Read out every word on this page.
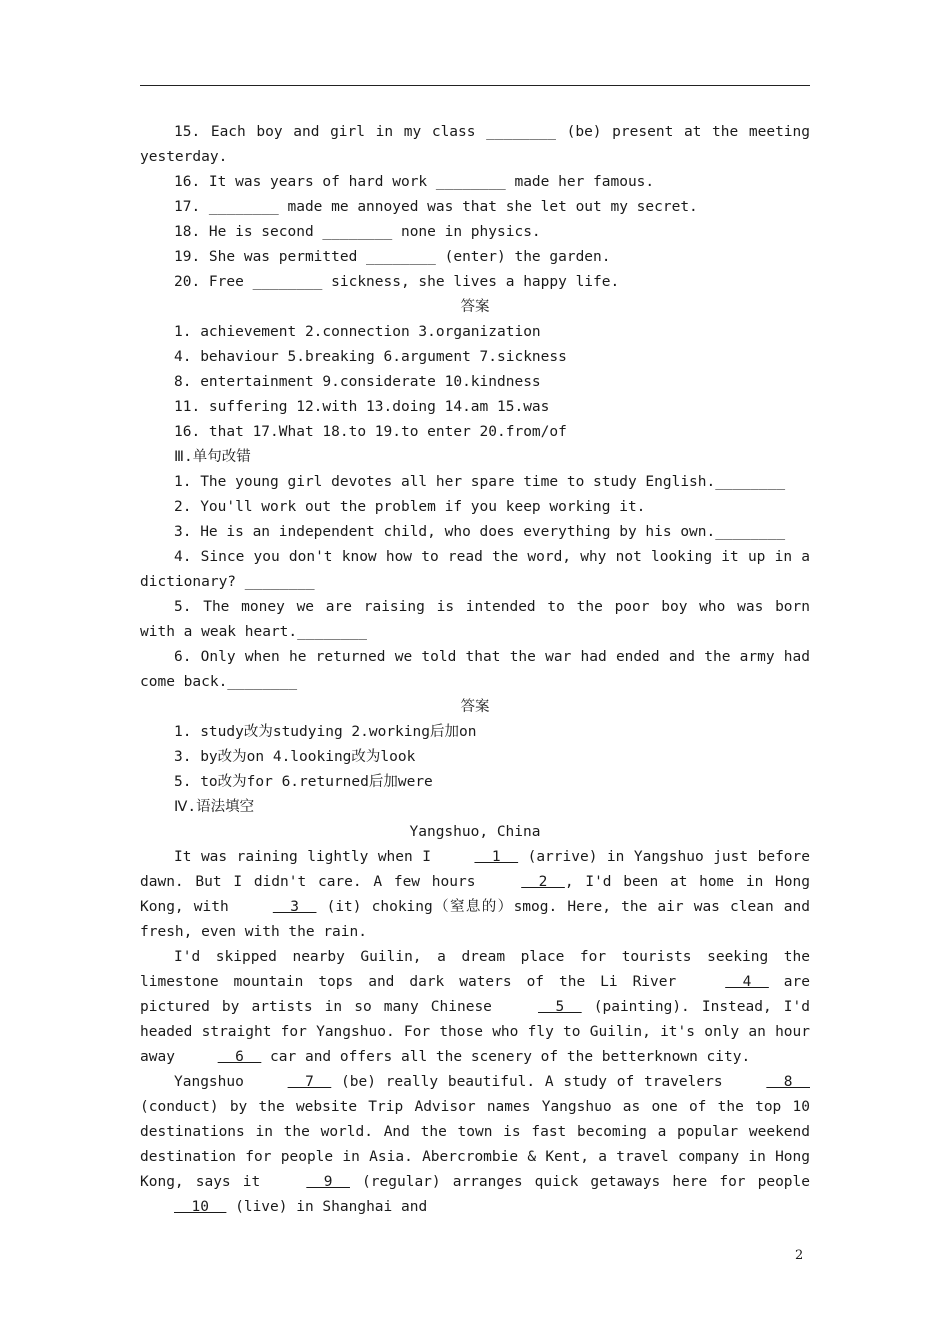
15. Each boy and girl in my class ________ (be) present at the meeting yesterday.

16. It was years of hard work ________ made her famous.

17. ________ made me annoyed was that she let out my secret.

18. He is second ________ none in physics.

19. She was permitted ________ (enter) the garden.

20. Free ________ sickness, she lives a happy life.

答案

1. achievement 2.connection 3.organization

4. behaviour 5.breaking 6.argument 7.sickness

8. entertainment 9.considerate 10.kindness

11. suffering 12.with 13.doing 14.am 15.was

16. that 17.What 18.to 19.to enter 20.from/of

Ⅲ.单句改错

1. The young girl devotes all her spare time to study English.________

2. You'll work out the problem if you keep working it.

3. He is an independent child, who does everything by his own.________

4. Since you don't know how to read the word, why not looking it up in a dictionary? ________

5. The money we are raising is intended to the poor boy who was born with a weak heart.________

6. Only when he returned we told that the war had ended and the army had come back.________

答案

1. study改为studying 2.working后加on

3. by改为on 4.looking改为look

5. to改为for 6.returned后加were

Ⅳ.语法填空

Yangshuo, China

It was raining lightly when I   1   (arrive) in Yangshuo just before dawn. But I didn't care. A few hours   2  , I'd been at home in Hong Kong, with   3   (it) choking（窒息的）smog. Here, the air was clean and fresh, even with the rain.

I'd skipped nearby Guilin, a dream place for tourists seeking the limestone mountain tops and dark waters of the Li River   4   are pictured by artists in so many Chinese   5   (painting). Instead, I'd headed straight for Yangshuo. For those who fly to Guilin, it's only an hour away   6   car and offers all the scenery of the betterknown city.

Yangshuo   7   (be) really beautiful. A study of travelers   8   (conduct) by the website Trip Advisor names Yangshuo as one of the top 10 destinations in the world. And the town is fast becoming a popular weekend destination for people in Asia. Abercrombie & Kent, a travel company in Hong Kong, says it   9   (regular) arranges quick getaways here for people   10   (live) in Shanghai and

2
